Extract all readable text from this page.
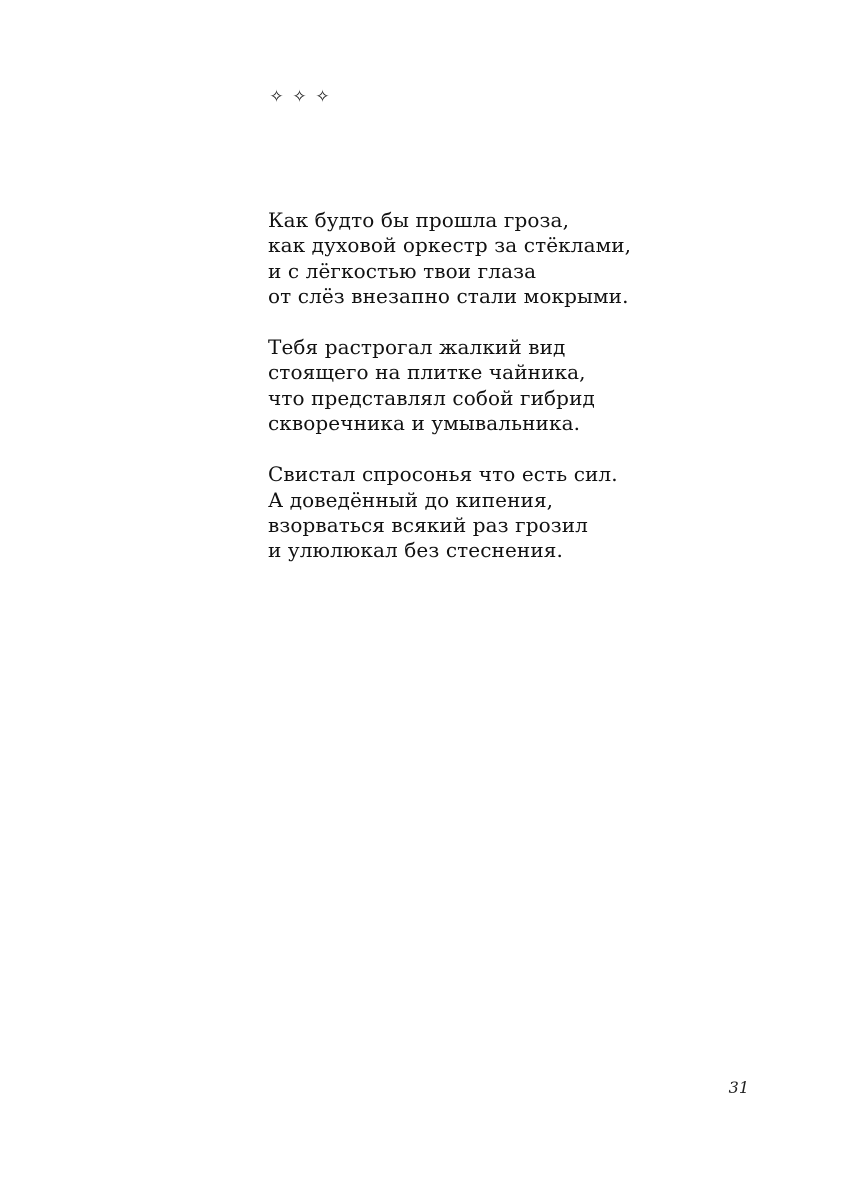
✧ ✧ ✧
Как будто бы прошла гроза,
как духовой оркестр за стёклами,
и с лёгкостью твои глаза
от слёз внезапно стали мокрыми.
Тебя растрогал жалкий вид
стоящего на плитке чайника,
что представлял собой гибрид
скворечника и умывальника.
Свистал спросонья что есть сил.
А доведённый до кипения,
взорваться всякий раз грозил
и улюлюкал без стеснения.
31
